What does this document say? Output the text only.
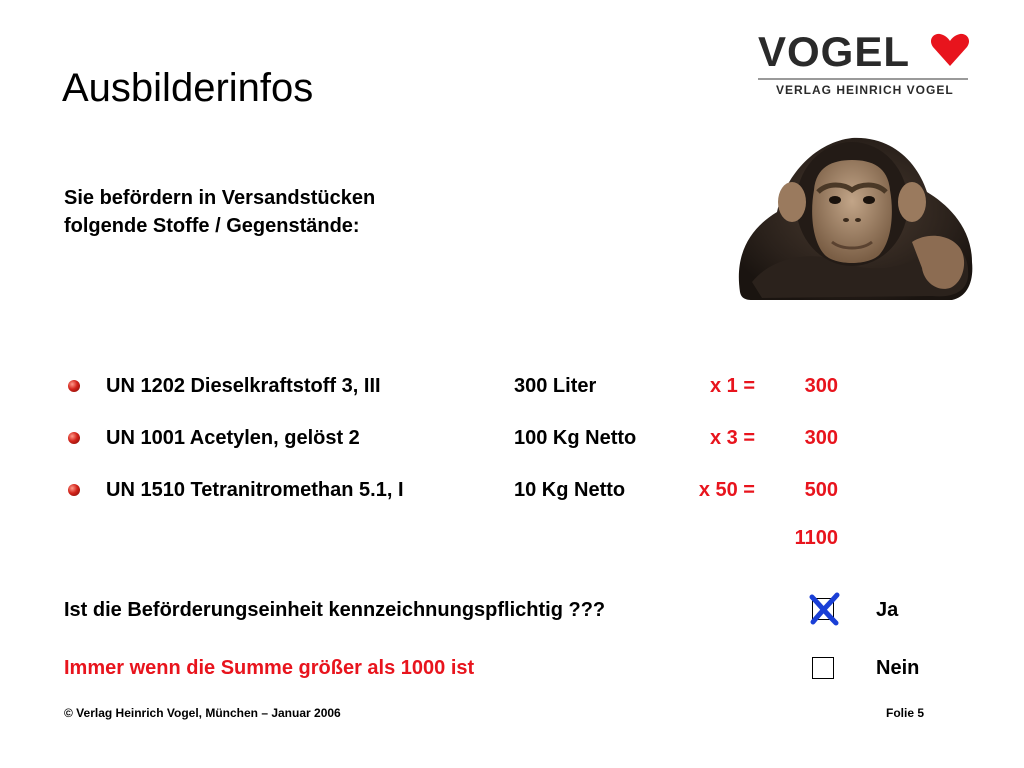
Ausbilderinfos
VOGEL
VERLAG HEINRICH VOGEL
Sie befördern in Versandstücken
folgende Stoffe / Gegenstände:
UN 1202 Dieselkraftstoff 3, III	300 Liter	x 1 =	300
UN 1001 Acetylen, gelöst 2	100 Kg Netto	x 3 =	300
UN 1510 Tetranitromethan 5.1, I	10 Kg Netto	x 50 =	500
1100
Ist die Beförderungseinheit kennzeichnungspflichtig ???
Immer wenn die Summe größer als 1000 ist
Ja
Nein
© Verlag Heinrich Vogel, München – Januar 2006	Folie 5
